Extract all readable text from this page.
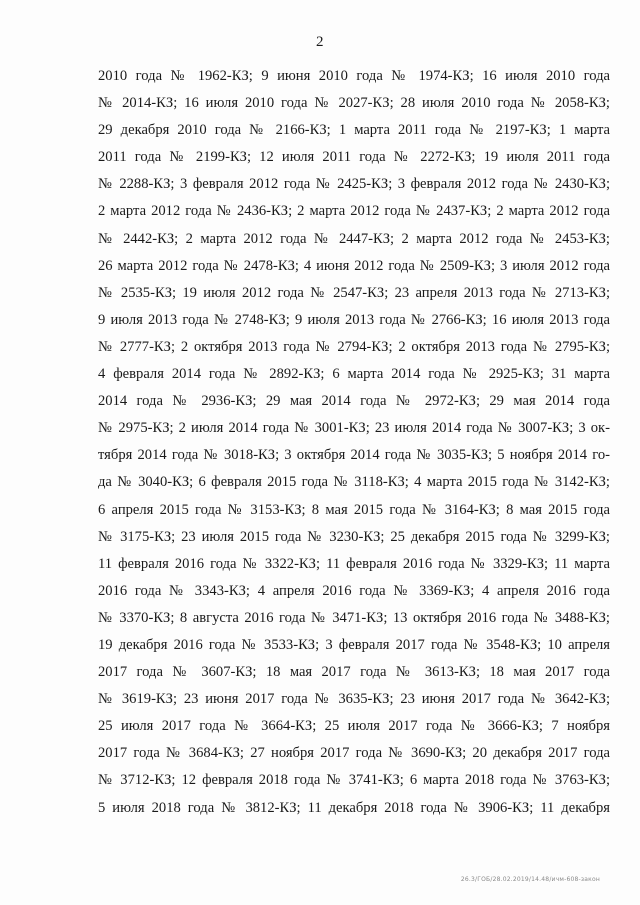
2
2010 года № 1962-КЗ; 9 июня 2010 года № 1974-КЗ; 16 июля 2010 года
№ 2014-КЗ; 16 июля 2010 года № 2027-КЗ; 28 июля 2010 года № 2058-КЗ;
29 декабря 2010 года № 2166-КЗ; 1 марта 2011 года № 2197-КЗ; 1 марта
2011 года № 2199-КЗ; 12 июля 2011 года № 2272-КЗ; 19 июля 2011 года
№ 2288-КЗ; 3 февраля 2012 года № 2425-КЗ; 3 февраля 2012 года № 2430-КЗ;
2 марта 2012 года № 2436-КЗ; 2 марта 2012 года № 2437-КЗ; 2 марта 2012 года
№ 2442-КЗ; 2 марта 2012 года № 2447-КЗ; 2 марта 2012 года № 2453-КЗ;
26 марта 2012 года № 2478-КЗ; 4 июня 2012 года № 2509-КЗ; 3 июля 2012 года
№ 2535-КЗ; 19 июля 2012 года № 2547-КЗ; 23 апреля 2013 года № 2713-КЗ;
9 июля 2013 года № 2748-КЗ; 9 июля 2013 года № 2766-КЗ; 16 июля 2013 года
№ 2777-КЗ; 2 октября 2013 года № 2794-КЗ; 2 октября 2013 года № 2795-КЗ;
4 февраля 2014 года № 2892-КЗ; 6 марта 2014 года № 2925-КЗ; 31 марта
2014 года № 2936-КЗ; 29 мая 2014 года № 2972-КЗ; 29 мая 2014 года
№ 2975-КЗ; 2 июля 2014 года № 3001-КЗ; 23 июля 2014 года № 3007-КЗ; 3 ок-
тября 2014 года № 3018-КЗ; 3 октября 2014 года № 3035-КЗ; 5 ноября 2014 го-
да № 3040-КЗ; 6 февраля 2015 года № 3118-КЗ; 4 марта 2015 года № 3142-КЗ;
6 апреля 2015 года № 3153-КЗ; 8 мая 2015 года № 3164-КЗ; 8 мая 2015 года
№ 3175-КЗ; 23 июля 2015 года № 3230-КЗ; 25 декабря 2015 года № 3299-КЗ;
11 февраля 2016 года № 3322-КЗ; 11 февраля 2016 года № 3329-КЗ; 11 марта
2016 года № 3343-КЗ; 4 апреля 2016 года № 3369-КЗ; 4 апреля 2016 года
№ 3370-КЗ; 8 августа 2016 года № 3471-КЗ; 13 октября 2016 года № 3488-КЗ;
19 декабря 2016 года № 3533-КЗ; 3 февраля 2017 года № 3548-КЗ; 10 апреля
2017 года № 3607-КЗ; 18 мая 2017 года № 3613-КЗ; 18 мая 2017 года
№ 3619-КЗ; 23 июня 2017 года № 3635-КЗ; 23 июня 2017 года № 3642-КЗ;
25 июля 2017 года № 3664-КЗ; 25 июля 2017 года № 3666-КЗ; 7 ноября
2017 года № 3684-КЗ; 27 ноября 2017 года № 3690-КЗ; 20 декабря 2017 года
№ 3712-КЗ; 12 февраля 2018 года № 3741-КЗ; 6 марта 2018 года № 3763-КЗ;
5 июля 2018 года № 3812-КЗ; 11 декабря 2018 года № 3906-КЗ; 11 декабря
26.3/ГОБ/28.02.2019/14.48/ичм-608-закон
